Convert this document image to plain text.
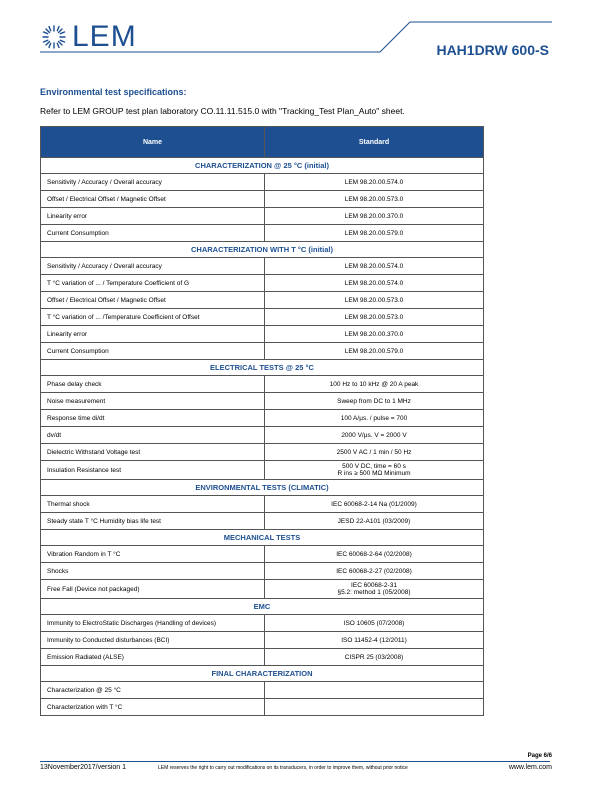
LEM	HAH1DRW 600-S
Environmental test specifications:
Refer to LEM GROUP test plan laboratory CO.11.11.515.0 with "Tracking_Test Plan_Auto" sheet.
Name	Standard
CHARACTERIZATION @ 25 °C (initial)	
Sensitivity / Accuracy / Overall accuracy	LEM 98.20.00.574.0

Offset / Electrical Offset / Magnetic Offset	LEM 98.20.00.573.0

Linearity error	LEM 98.20.00.370.0

Current Consumption	LEM 98.20.00.579.0

CHARACTERIZATION WITH T °C (initial)	
Sensitivity / Accuracy / Overall accuracy	LEM 98.20.00.574.0

T °C variation of ... / Temperature Coefficient of G	LEM 98.20.00.574.0

Offset / Electrical Offset / Magnetic Offset	LEM 98.20.00.573.0

T °C variation of ... /Temperature Coefficient of Offset	LEM 98.20.00.573.0

Linearity error	LEM 98.20.00.370.0

Current Consumption	LEM 98.20.00.579.0

ELECTRICAL TESTS @ 25 °C	
Phase delay check	100 Hz to 10 kHz @ 20 A peak

Noise measurement	Sweep from DC to 1 MHz

Response time di/dt	100 A/µs. / pulse = 700

dv/dt	2000 V/µs. V = 2000 V

Dielectric Withstand Voltage test	2500 V AC / 1 min / 50 Hz

Insulation Resistance test	500 V DC, time = 60 s
R ins ≥ 500 MΩ Minimum

ENVIRONMENTAL TESTS (CLIMATIC)	
Thermal shock	IEC 60068-2-14 Na (01/2009)

Steady state T °C Humidity bias life test	JESD 22-A101 (03/2009)

MECHANICAL TESTS	
Vibration Random in T °C	IEC 60068-2-64 (02/2008)

Shocks	IEC 60068-2-27 (02/2008)

Free Fall (Device not packaged)	IEC 60068-2-31
§5.2: method 1 (05/2008)

EMC	
Immunity to ElectroStatic Discharges (Handling of devices)	ISO 10605 (07/2008)

Immunity to Conducted disturbances (BCI)	ISO 11452-4 (12/2011)

Emission Radiated (ALSE)	CISPR 25 (03/2008)

FINAL CHARACTERIZATION	
Characterization @ 25 °C	

Characterization with T °C	
Page 6/6
13November2017/version 1	LEM reserves the right to carry out modifications on its transducers, in order to improve them, without prior notice	www.lem.com
